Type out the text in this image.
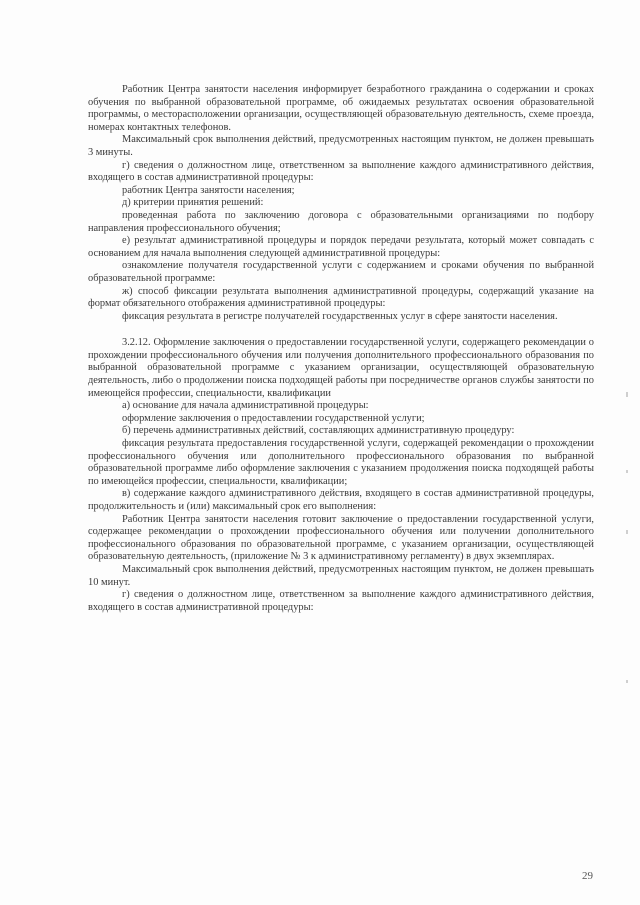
Работник Центра занятости населения информирует безработного гражданина о содержании и сроках обучения по выбранной образовательной программе, об ожидаемых результатах освоения образовательной программы, о месторасположении организации, осуществляющей образовательную деятельность, схеме проезда, номерах контактных телефонов.

Максимальный срок выполнения действий, предусмотренных настоящим пунктом, не должен превышать 3 минуты.

г) сведения о должностном лице, ответственном за выполнение каждого административного действия, входящего в состав административной процедуры:

работник Центра занятости населения;

д) критерии принятия решений:

проведенная работа по заключению договора с образовательными организациями по подбору направления профессионального обучения;

е) результат административной процедуры и порядок передачи результата, который может совпадать с основанием для начала выполнения следующей административной процедуры:

ознакомление получателя государственной услуги с содержанием и сроками обучения по выбранной образовательной программе:

ж) способ фиксации результата выполнения административной процедуры, содержащий указание на формат обязательного отображения административной процедуры:

фиксация результата в регистре получателей государственных услуг в сфере занятости населения.

3.2.12. Оформление заключения о предоставлении государственной услуги, содержащего рекомендации о прохождении профессионального обучения или получения дополнительного профессионального образования по выбранной образовательной программе с указанием организации, осуществляющей образовательную деятельность, либо о продолжении поиска подходящей работы при посредничестве органов службы занятости по имеющейся профессии, специальности, квалификации

а) основание для начала административной процедуры:

оформление заключения о предоставлении государственной услуги;

б) перечень административных действий, составляющих административную процедуру:

фиксация результата предоставления государственной услуги, содержащей рекомендации о прохождении профессионального обучения или дополнительного профессионального образования по выбранной образовательной программе либо оформление заключения с указанием продолжения поиска подходящей работы по имеющейся профессии, специальности, квалификации;

в) содержание каждого административного действия, входящего в состав административной процедуры, продолжительность и (или) максимальный срок его выполнения:

Работник Центра занятости населения готовит заключение о предоставлении государственной услуги, содержащее рекомендации о прохождении профессионального обучения или получении дополнительного профессионального образования по образовательной программе, с указанием организации, осуществляющей образовательную деятельность, (приложение № 3 к административному регламенту) в двух экземплярах.

Максимальный срок выполнения действий, предусмотренных настоящим пунктом, не должен превышать 10 минут.

г) сведения о должностном лице, ответственном за выполнение каждого административного действия, входящего в состав административной процедуры:

29
